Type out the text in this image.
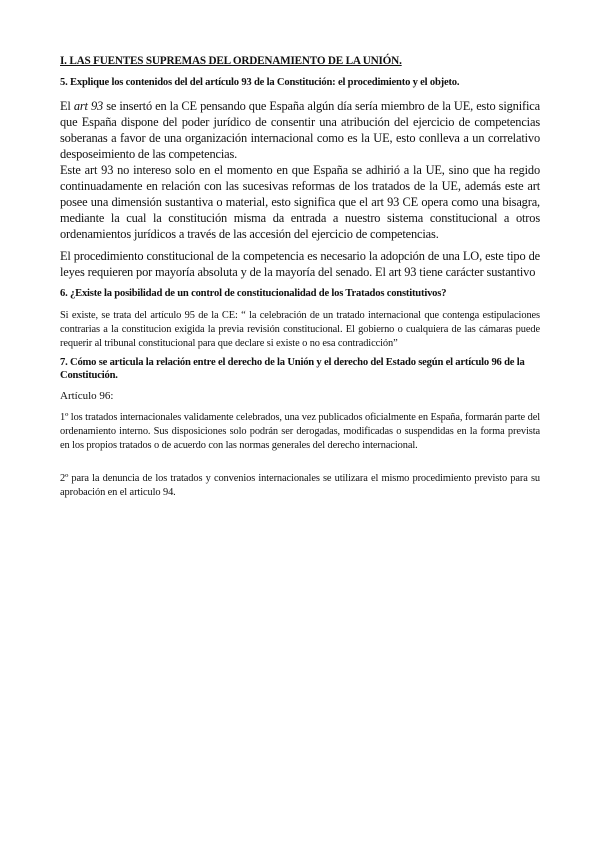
I. LAS FUENTES SUPREMAS DEL ORDENAMIENTO DE LA UNIÓN.
5. Explique los contenidos del del artículo 93 de la Constitución: el procedimiento y el objeto.

El art 93 se insertó en la CE pensando que España algún día sería miembro de la UE, esto significa que España dispone del poder jurídico de consentir una atribución del ejercicio de competencias soberanas a favor de una organización internacional como es la UE, esto conlleva a un correlativo desposeimiento de las competencias.

Este art 93 no intereso solo en el momento en que España se adhirió a la UE, sino que ha regido continuadamente en relación con las sucesivas reformas de los tratados de la UE, además este art posee una dimensión sustantiva o material, esto significa que el art 93 CE opera como una bisagra, mediante la cual la constitución misma da entrada a nuestro sistema constitucional a otros ordenamientos jurídicos a través de las accesión del ejercicio de competencias.

El procedimiento constitucional de la competencia es necesario la adopción de una LO, este tipo de leyes requieren por mayoría absoluta y de la mayoría del senado. El art 93 tiene carácter sustantivo

6. ¿Existe la posibilidad de un control de constitucionalidad de los Tratados constitutivos?

Si existe, se trata del artículo 95 de la CE: “ la celebración de un tratado internacional que contenga estipulaciones contrarias a la constitucion exigida la previa revisión constitucional. El gobierno o cualquiera de las cámaras puede requerir al tribunal constitucional para que declare si existe o no esa contradicción”

7. Cómo se articula la relación entre el derecho de la Unión y el derecho del Estado según el artículo 96 de la Constitución.
Artículo 96:

1º los tratados internacionales validamente celebrados, una vez publicados oficialmente en España, formarán parte del ordenamiento interno. Sus disposiciones solo podrán ser derogadas, modificadas o suspendidas en la forma prevista en los propios tratados o de acuerdo con las normas generales del derecho internacional.

2º para la denuncia de los tratados y convenios internacionales se utilizara el mismo procedimiento previsto para su aprobación en el articulo 94.
